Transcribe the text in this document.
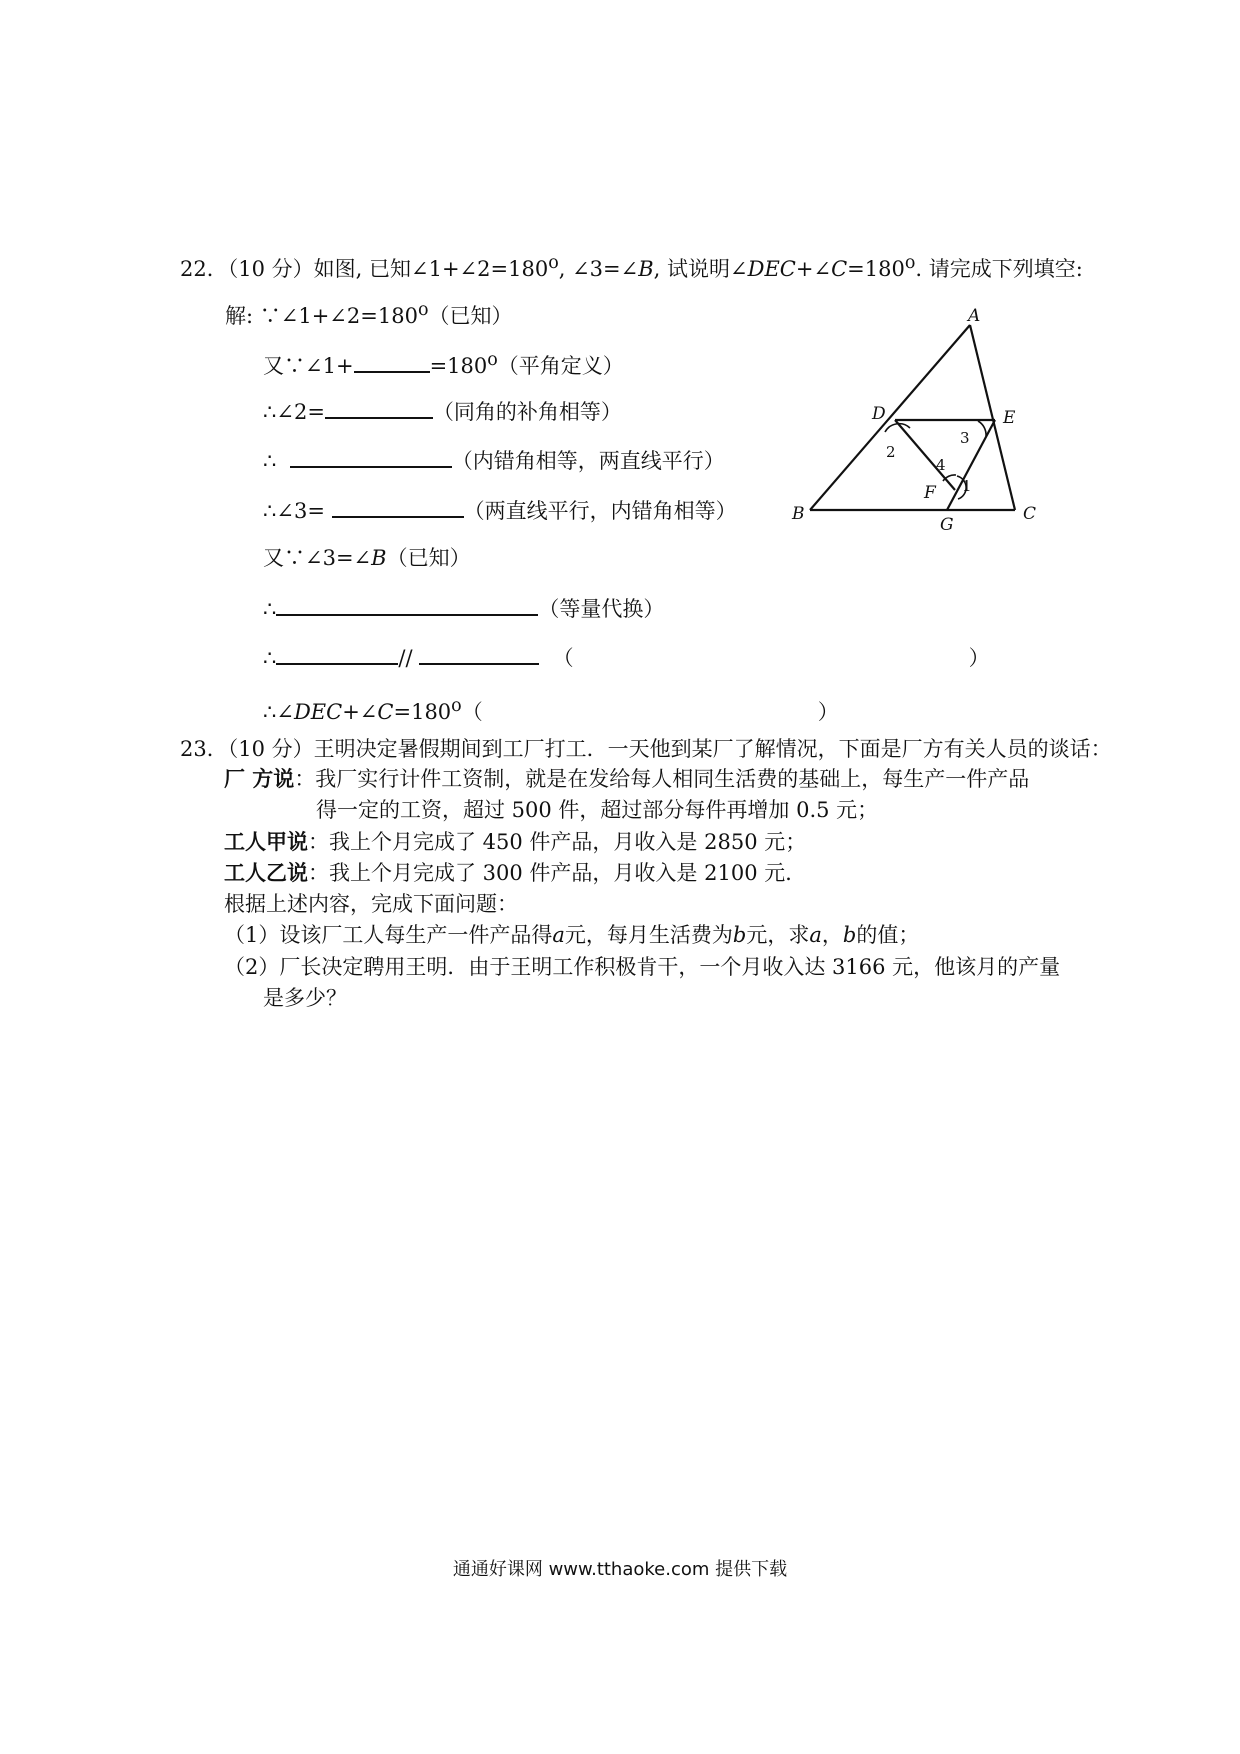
22．（10 分）如图, 已知$\angle 1+\angle 2=180^o$, ∠3=∠B, 试说明$\angle DEC+\angle C=180^o$. 请完成下列填空:
解: $\because\angle 1+\angle 2=180^o$（已知）
又∵∠1+	$=180^o$（平角定义）
∴∠2=	（同角的补角相等）
∴	（内错角相等，两直线平行）
∴∠3=	（两直线平行，内错角相等）
又∵∠3=∠B（已知）
∴	（等量代换）
∴	//	（	）
$\therefore\angle DEC+\angle C=180^o$（	）
A
D	E
B
F
G
C
1
2
3
4
23．（10 分）王明决定暑假期间到工厂打工．一天他到某厂了解情况，下面是厂方有关人员的谈话：
厂 方说：我厂实行计件工资制，就是在发给每人相同生活费的基础上，每生产一件产品
得一定的工资，超过 500 件，超过部分每件再增加 0.5 元；
工人甲说：我上个月完成了 450 件产品，月收入是 2850 元；
工人乙说：我上个月完成了 300 件产品，月收入是 2100 元．
根据上述内容，完成下面问题：
（1）设该厂工人每生产一件产品得a元，每月生活费为b元，求a，b的值；
（2）厂长决定聘用王明．由于王明工作积极肯干，一个月收入达 3166 元，他该月的产量
是多少？
通通好课网 www.tthaoke.com 提供下载
